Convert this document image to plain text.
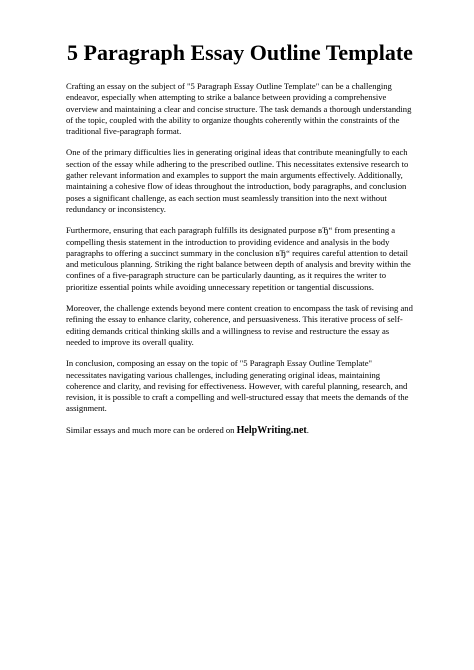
5 Paragraph Essay Outline Template

Crafting an essay on the subject of "5 Paragraph Essay Outline Template" can be a challenging endeavor, especially when attempting to strike a balance between providing a comprehensive overview and maintaining a clear and concise structure. The task demands a thorough understanding of the topic, coupled with the ability to organize thoughts coherently within the constraints of the traditional five-paragraph format.

One of the primary difficulties lies in generating original ideas that contribute meaningfully to each section of the essay while adhering to the prescribed outline. This necessitates extensive research to gather relevant information and examples to support the main arguments effectively. Additionally, maintaining a cohesive flow of ideas throughout the introduction, body paragraphs, and conclusion poses a significant challenge, as each section must seamlessly transition into the next without redundancy or inconsistency.

Furthermore, ensuring that each paragraph fulfills its designated purpose вЂ“ from presenting a compelling thesis statement in the introduction to providing evidence and analysis in the body paragraphs to offering a succinct summary in the conclusion вЂ“ requires careful attention to detail and meticulous planning. Striking the right balance between depth of analysis and brevity within the confines of a five-paragraph structure can be particularly daunting, as it requires the writer to prioritize essential points while avoiding unnecessary repetition or tangential discussions.

Moreover, the challenge extends beyond mere content creation to encompass the task of revising and refining the essay to enhance clarity, coherence, and persuasiveness. This iterative process of self-editing demands critical thinking skills and a willingness to revise and restructure the essay as needed to improve its overall quality.

In conclusion, composing an essay on the topic of "5 Paragraph Essay Outline Template" necessitates navigating various challenges, including generating original ideas, maintaining coherence and clarity, and revising for effectiveness. However, with careful planning, research, and revision, it is possible to craft a compelling and well-structured essay that meets the demands of the assignment.

Similar essays and much more can be ordered on HelpWriting.net.
